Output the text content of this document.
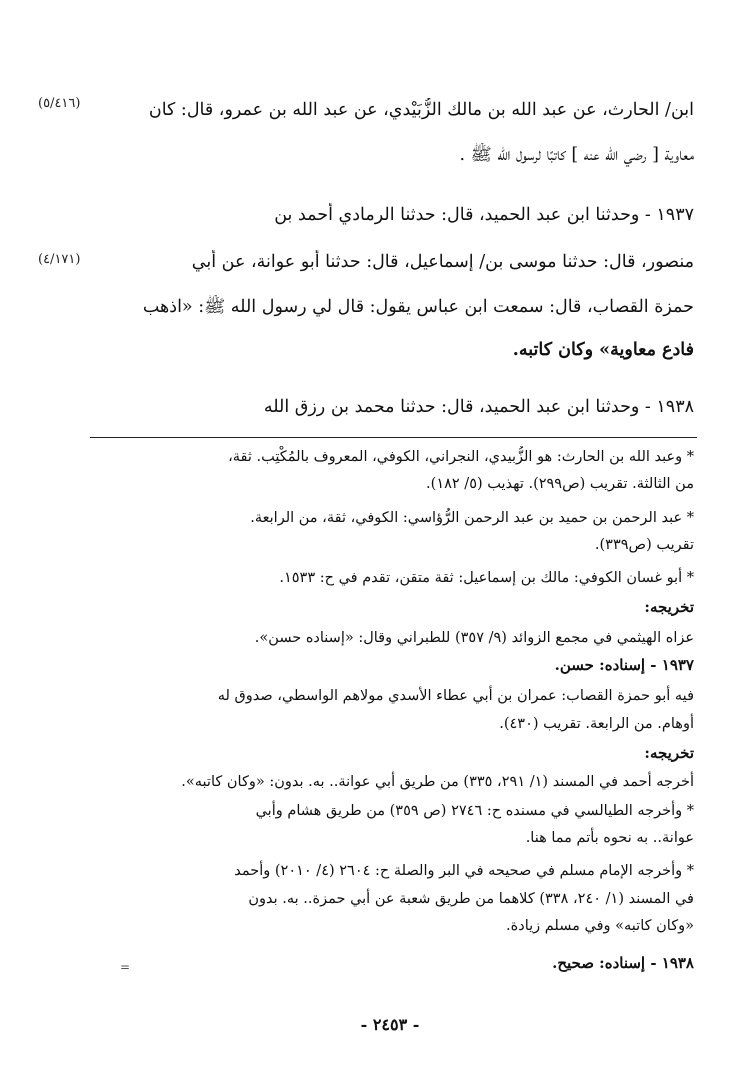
(٥/٤١٦)
(٤/١٧١)
ابن/ الحارث، عن عبد الله بن مالك الزُّبَيْدي، عن عبد الله بن عمرو، قال: كان
معاوية [ رضي الله عنه ] كاتبًا لرسول الله ﷺ .
١٩٣٧ - وحدثنا ابن عبد الحميد، قال: حدثنا الرمادي أحمد بن
منصور، قال: حدثنا موسى بن/ إسماعيل، قال: حدثنا أبو عوانة، عن أبي
حمزة القصاب، قال: سمعت ابن عباس يقول: قال لي رسول الله ﷺ: «اذهب
فادع معاوية» وكان كاتبه.
١٩٣٨ - وحدثنا ابن عبد الحميد، قال: حدثنا محمد بن رزق الله
* وعبد الله بن الحارث: هو الزُّبيدي، النجراني، الكوفي، المعروف بالمُكْتِب. ثقة،
من الثالثة. تقريب (ص٢٩٩). تهذيب (٥/ ١٨٢).
* عبد الرحمن بن حميد بن عبد الرحمن الرُّؤاسي: الكوفي، ثقة، من الرابعة.
تقريب (ص٣٣٩).
* أبو غسان الكوفي: مالك بن إسماعيل: ثقة متقن، تقدم في ح: ١٥٣٣.
تخريجه:
عزاه الهيثمي في مجمع الزوائد (٩/ ٣٥٧) للطبراني وقال: «إسناده حسن».
١٩٣٧ - إسناده: حسن.
فيه أبو حمزة القصاب: عمران بن أبي عطاء الأسدي مولاهم الواسطي، صدوق له
أوهام. من الرابعة. تقريب (٤٣٠).
تخريجه:
أخرجه أحمد في المسند (١/ ٢٩١، ٣٣٥) من طريق أبي عوانة.. به. بدون: «وكان كاتبه».
* وأخرجه الطيالسي في مسنده ح: ٢٧٤٦ (ص ٣٥٩) من طريق هشام وأبي
عوانة.. به نحوه بأتم مما هنا.
* وأخرجه الإمام مسلم في صحيحه في البر والصلة ح: ٢٦٠٤ (٤/ ٢٠١٠) وأحمد
في المسند (١/ ٢٤٠، ٣٣٨) كلاهما من طريق شعبة عن أبي حمزة.. به. بدون
«وكان كاتبه» وفي مسلم زيادة.
١٩٣٨ - إسناده: صحيح.
=
- ٢٤٥٣ -
